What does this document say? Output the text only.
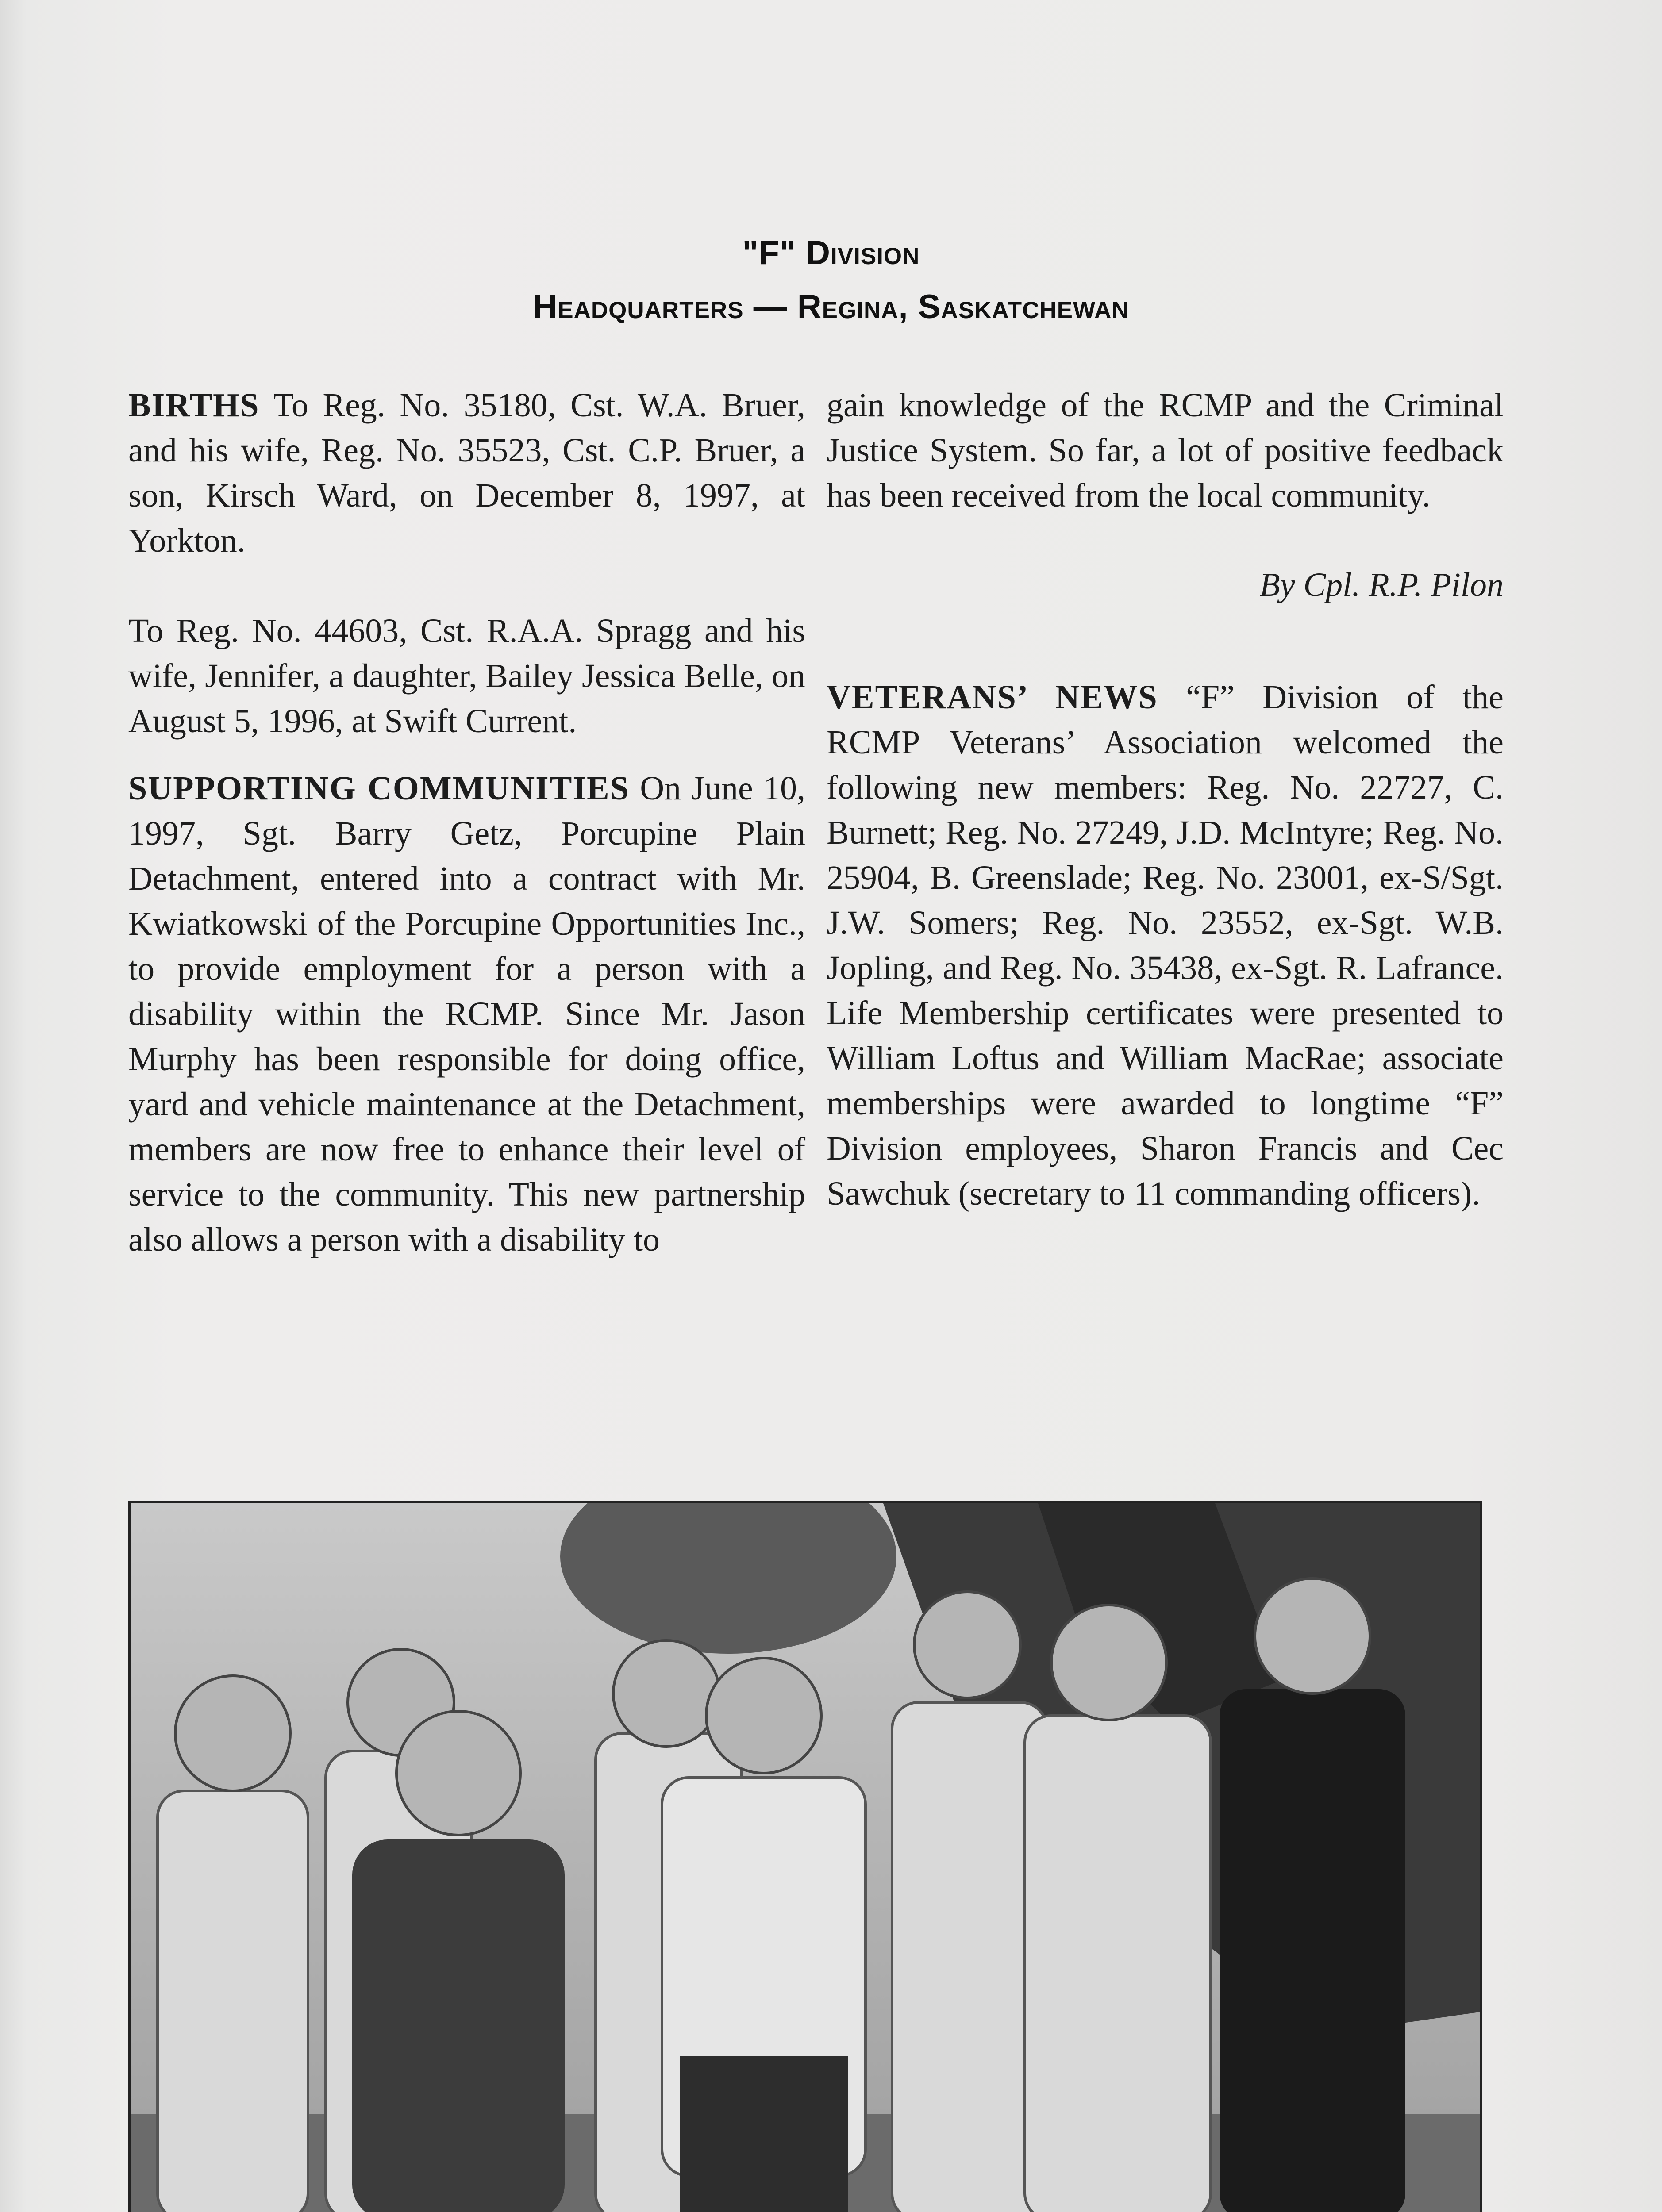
"F" Division
Headquarters — Regina, Saskatchewan

BIRTHS To Reg. No. 35180, Cst. W.A. Bruer, and his wife, Reg. No. 35523, Cst. C.P. Bruer, a son, Kirsch Ward, on December 8, 1997, at Yorkton.

To Reg. No. 44603, Cst. R.A.A. Spragg and his wife, Jennifer, a daughter, Bailey Jessica Belle, on August 5, 1996, at Swift Current.

SUPPORTING COMMUNITIES On June 10, 1997, Sgt. Barry Getz, Porcupine Plain Detachment, entered into a contract with Mr. Kwiatkowski of the Porcupine Opportunities Inc., to provide employment for a person with a disability within the RCMP. Since Mr. Jason Murphy has been responsible for doing office, yard and vehicle maintenance at the Detachment, members are now free to enhance their level of service to the community. This new partnership also allows a person with a disability to

gain knowledge of the RCMP and the Criminal Justice System. So far, a lot of positive feedback has been received from the local community.

By Cpl. R.P. Pilon

VETERANS’ NEWS “F” Division of the RCMP Veterans’ Association welcomed the following new members: Reg. No. 22727, C. Burnett; Reg. No. 27249, J.D. McIntyre; Reg. No. 25904, B. Greenslade; Reg. No. 23001, ex-S/Sgt. J.W. Somers; Reg. No. 23552, ex-Sgt. W.B. Jopling, and Reg. No. 35438, ex-Sgt. R. Lafrance. Life Membership certificates were presented to William Loftus and William MacRae; associate memberships were awarded to longtime “F” Division employees, Sharon Francis and Cec Sawchuk (secretary to 11 commanding officers).
